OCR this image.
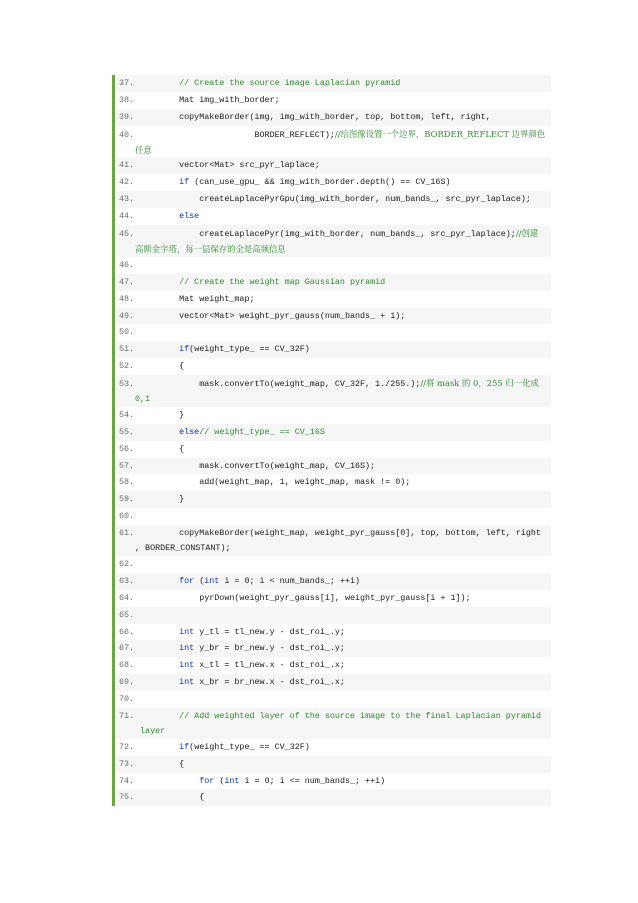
37.	// Create the source image Laplacian pyramid
38.	Mat img_with_border;
39.	copyMakeBorder(img, img_with_border, top, bottom, left, right,
40.	BORDER_REFLECT);//给图像设置一个边界，BORDER_REFLECT 边界颜色
任意
41.	vector<Mat> src_pyr_laplace;
42.	if (can_use_gpu_ && img_with_border.depth() == CV_16S)
43.	createLaplacePyrGpu(img_with_border, num_bands_, src_pyr_laplace);
44.	else
45.	createLaplacePyr(img_with_border, num_bands_, src_pyr_laplace);//创建
高斯金字塔，每一层保存的全是高频信息
46.
47.	// Create the weight map Gaussian pyramid
48.	Mat weight_map;
49.	vector<Mat> weight_pyr_gauss(num_bands_ + 1);
50.
51.	if(weight_type_ == CV_32F)
52.	{
53.	mask.convertTo(weight_map, CV_32F, 1./255.);//将 mask 的 0，255 归一化成
0,1
54.	}
55.	else// weight_type_ == CV_16S
56.	{
57.	mask.convertTo(weight_map, CV_16S);
58.	add(weight_map, 1, weight_map, mask != 0);
59.	}
60.
61.	copyMakeBorder(weight_map, weight_pyr_gauss[0], top, bottom, left, right
, BORDER_CONSTANT);
62.
63.	for (int i = 0; i < num_bands_; ++i)
64.	pyrDown(weight_pyr_gauss[i], weight_pyr_gauss[i + 1]);
65.
66.	int y_tl = tl_new.y - dst_roi_.y;
67.	int y_br = br_new.y - dst_roi_.y;
68.	int x_tl = tl_new.x - dst_roi_.x;
69.	int x_br = br_new.x - dst_roi_.x;
70.
71.	// Add weighted layer of the source image to the final Laplacian pyramid
layer
72.	if(weight_type_ == CV_32F)
73.	{
74.	for (int i = 0; i <= num_bands_; ++i)
75.	{
